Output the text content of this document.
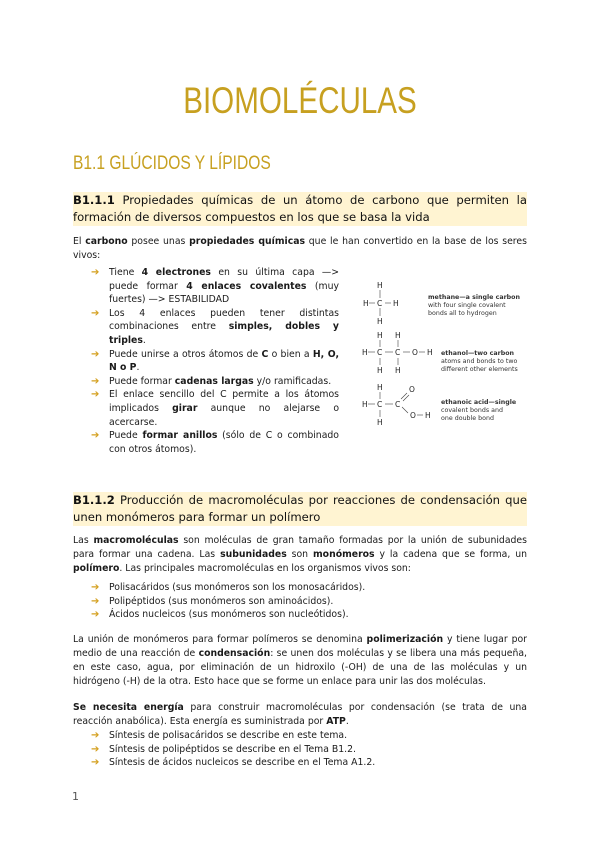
BIOMOLÉCULAS
B1.1 GLÚCIDOS Y LÍPIDOS
B1.1.1 Propiedades químicas de un átomo de carbono que permiten la formación de diversos compuestos en los que se basa la vida
El carbono posee unas propiedades químicas que le han convertido en la base de los seres vivos:
➔ Tiene 4 electrones en su última capa —> puede formar 4 enlaces covalentes (muy fuertes) —> ESTABILIDAD
➔ Los 4 enlaces pueden tener distintas combinaciones entre simples, dobles y triples.
➔ Puede unirse a otros átomos de C o bien a H, O, N o P.
➔ Puede formar cadenas largas y/o ramificadas.
➔ El enlace sencillo del C permite a los átomos implicados girar aunque no alejarse o acercarse.
➔ Puede formar anillos (sólo de C o combinado con otros átomos).
H
H C H
H
H H
H C C O H
H H
H
H C C
O
O H
H
methane—a single carbon
with four single covalent
bonds all to hydrogen
ethanol—two carbon
atoms and bonds to two
different other elements
ethanoic acid—single
covalent bonds and
one double bond
B1.1.2 Producción de macromoléculas por reacciones de condensación que unen monómeros para formar un polímero
Las macromoléculas son moléculas de gran tamaño formadas por la unión de subunidades para formar una cadena. Las subunidades son monómeros y la cadena que se forma, un polímero. Las principales macromoléculas en los organismos vivos son:
➔ Polisacáridos (sus monómeros son los monosacáridos).
➔ Polipéptidos (sus monómeros son aminoácidos).
➔ Ácidos nucleicos (sus monómeros son nucleótidos).
La unión de monómeros para formar polímeros se denomina polimerización y tiene lugar por medio de una reacción de condensación: se unen dos moléculas y se libera una más pequeña, en este caso, agua, por eliminación de un hidroxilo (-OH) de una de las moléculas y un hidrógeno (-H) de la otra. Esto hace que se forme un enlace para unir las dos moléculas.
Se necesita energía para construir macromoléculas por condensación (se trata de una reacción anabólica). Esta energía es suministrada por ATP.
➔ Síntesis de polisacáridos se describe en este tema.
➔ Síntesis de polipéptidos se describe en el Tema B1.2.
➔ Síntesis de ácidos nucleicos se describe en el Tema A1.2.
1
